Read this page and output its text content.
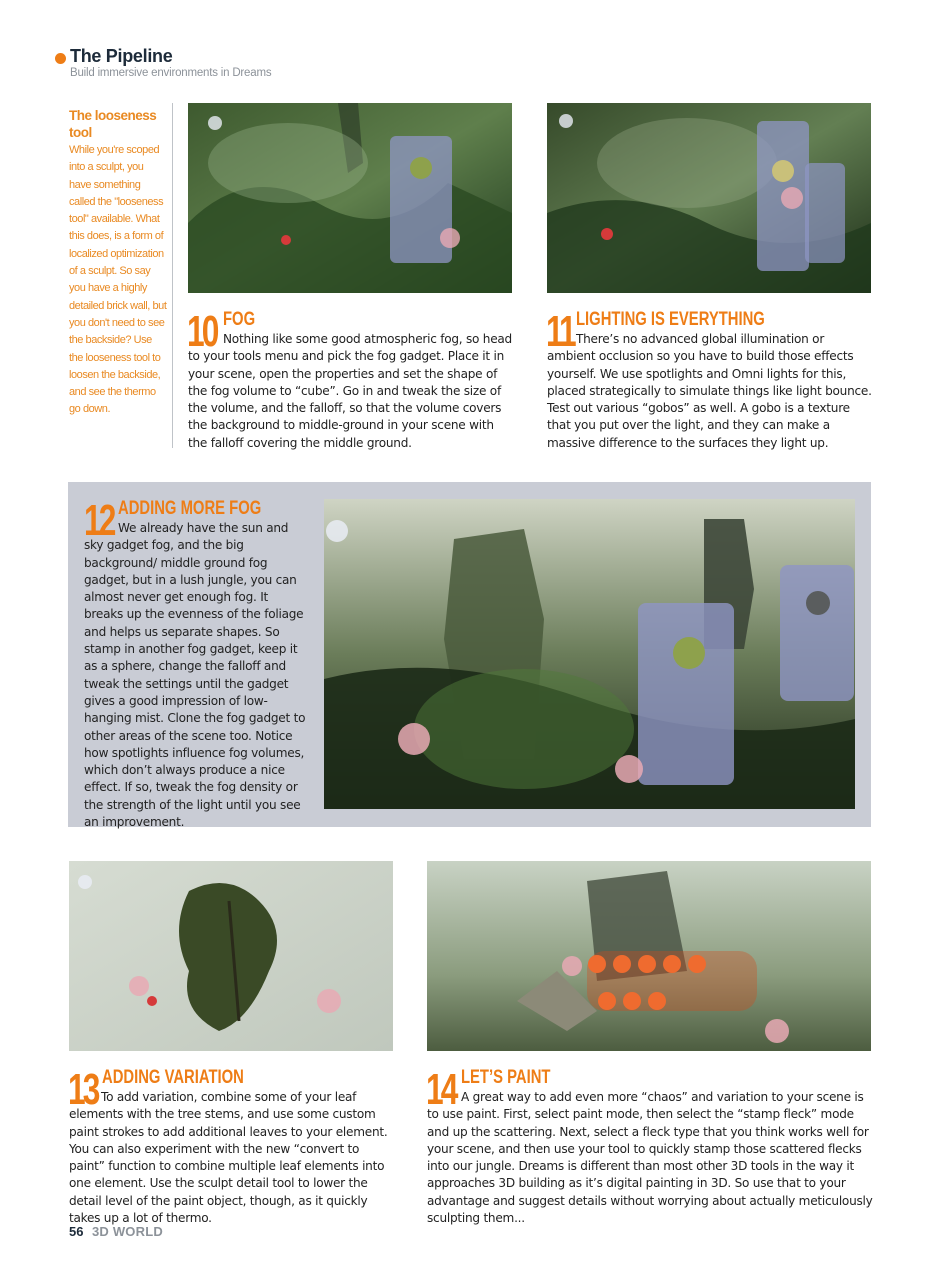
The Pipeline
Build immersive environments in Dreams
The looseness tool
While you're scoped into a sculpt, you have something called the "looseness tool" available. What this does, is a form of localized optimization of a sculpt. So say you have a highly detailed brick wall, but you don't need to see the backside? Use the looseness tool to loosen the backside, and see the thermo go down.
10 FOG
Nothing like some good atmospheric fog, so head to your tools menu and pick the fog gadget. Place it in your scene, open the properties and set the shape of the fog volume to “cube”. Go in and tweak the size of the volume, and the falloff, so that the volume covers the background to middle-ground in your scene with the falloff covering the middle ground.
11 LIGHTING IS EVERYTHING
There’s no advanced global illumination or ambient occlusion so you have to build those effects yourself. We use spotlights and Omni lights for this, placed strategically to simulate things like light bounce. Test out various “gobos” as well. A gobo is a texture that you put over the light, and they can make a massive difference to the surfaces they light up.
12 ADDING MORE FOG
We already have the sun and sky gadget fog, and the big background/ middle ground fog gadget, but in a lush jungle, you can almost never get enough fog. It breaks up the evenness of the foliage and helps us separate shapes. So stamp in another fog gadget, keep it as a sphere, change the falloff and tweak the settings until the gadget gives a good impression of low-hanging mist. Clone the fog gadget to other areas of the scene too. Notice how spotlights influence fog volumes, which don’t always produce a nice effect. If so, tweak the fog density or the strength of the light until you see an improvement.
13 ADDING VARIATION
To add variation, combine some of your leaf elements with the tree stems, and use some custom paint strokes to add additional leaves to your element. You can also experiment with the new “convert to paint” function to combine multiple leaf elements into one element. Use the sculpt detail tool to lower the detail level of the paint object, though, as it quickly takes up a lot of thermo.
14 LET’S PAINT
A great way to add even more “chaos” and variation to your scene is to use paint. First, select paint mode, then select the “stamp fleck” mode and up the scattering. Next, select a fleck type that you think works well for your scene, and then use your tool to quickly stamp those scattered flecks into our jungle. Dreams is different than most other 3D tools in the way it approaches 3D building as it’s digital painting in 3D. So use that to your advantage and suggest details without worrying about actually meticulously sculpting them...
56 3D WORLD
